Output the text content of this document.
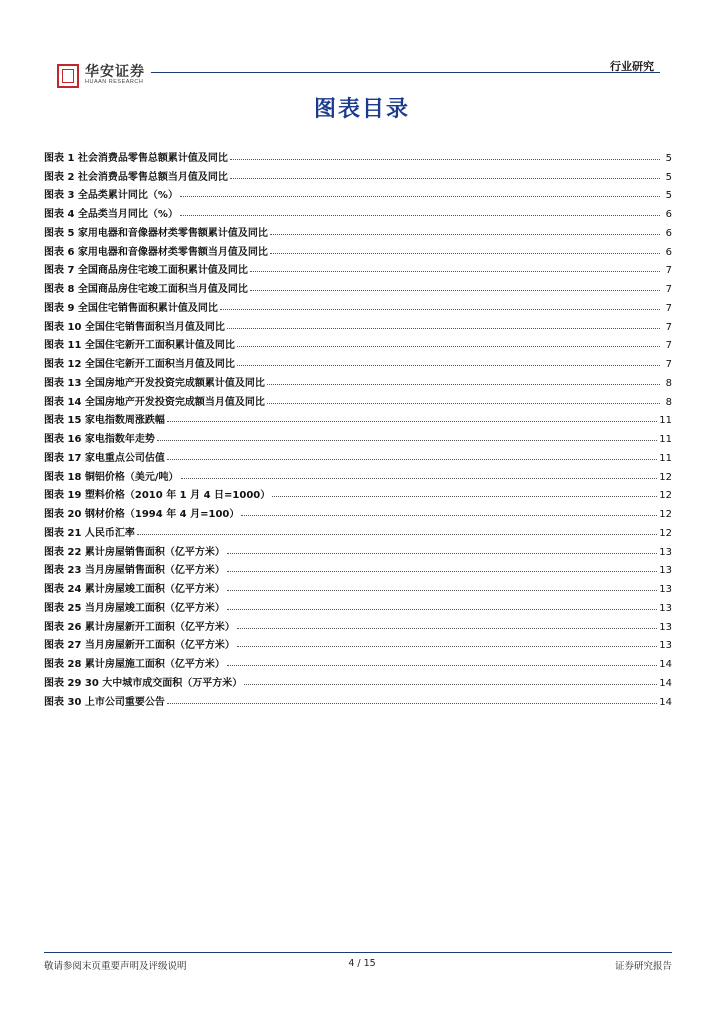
华安证券
HUAAN RESEARCH
行业研究
图表目录
图表 1 社会消费品零售总额累计值及同比	5
图表 2 社会消费品零售总额当月值及同比	5
图表 3 全品类累计同比（%）	5
图表 4 全品类当月同比（%）	6
图表 5 家用电器和音像器材类零售额累计值及同比	6
图表 6 家用电器和音像器材类零售额当月值及同比	6
图表 7 全国商品房住宅竣工面积累计值及同比	7
图表 8 全国商品房住宅竣工面积当月值及同比	7
图表 9 全国住宅销售面积累计值及同比	7
图表 10 全国住宅销售面积当月值及同比	7
图表 11 全国住宅新开工面积累计值及同比	7
图表 12 全国住宅新开工面积当月值及同比	7
图表 13 全国房地产开发投资完成额累计值及同比	8
图表 14 全国房地产开发投资完成额当月值及同比	8
图表 15 家电指数周涨跌幅	11
图表 16 家电指数年走势	11
图表 17 家电重点公司估值	11
图表 18 铜铝价格（美元/吨）	12
图表 19 塑料价格（2010 年 1 月 4 日=1000）	12
图表 20 钢材价格（1994 年 4 月=100）	12
图表 21 人民币汇率	12
图表 22 累计房屋销售面积（亿平方米）	13
图表 23 当月房屋销售面积（亿平方米）	13
图表 24 累计房屋竣工面积（亿平方米）	13
图表 25 当月房屋竣工面积（亿平方米）	13
图表 26 累计房屋新开工面积（亿平方米）	13
图表 27 当月房屋新开工面积（亿平方米）	13
图表 28 累计房屋施工面积（亿平方米）	14
图表 29 30 大中城市成交面积（万平方米）	14
图表 30 上市公司重要公告	14
敬请参阅末页重要声明及评级说明	4 / 15	证券研究报告
